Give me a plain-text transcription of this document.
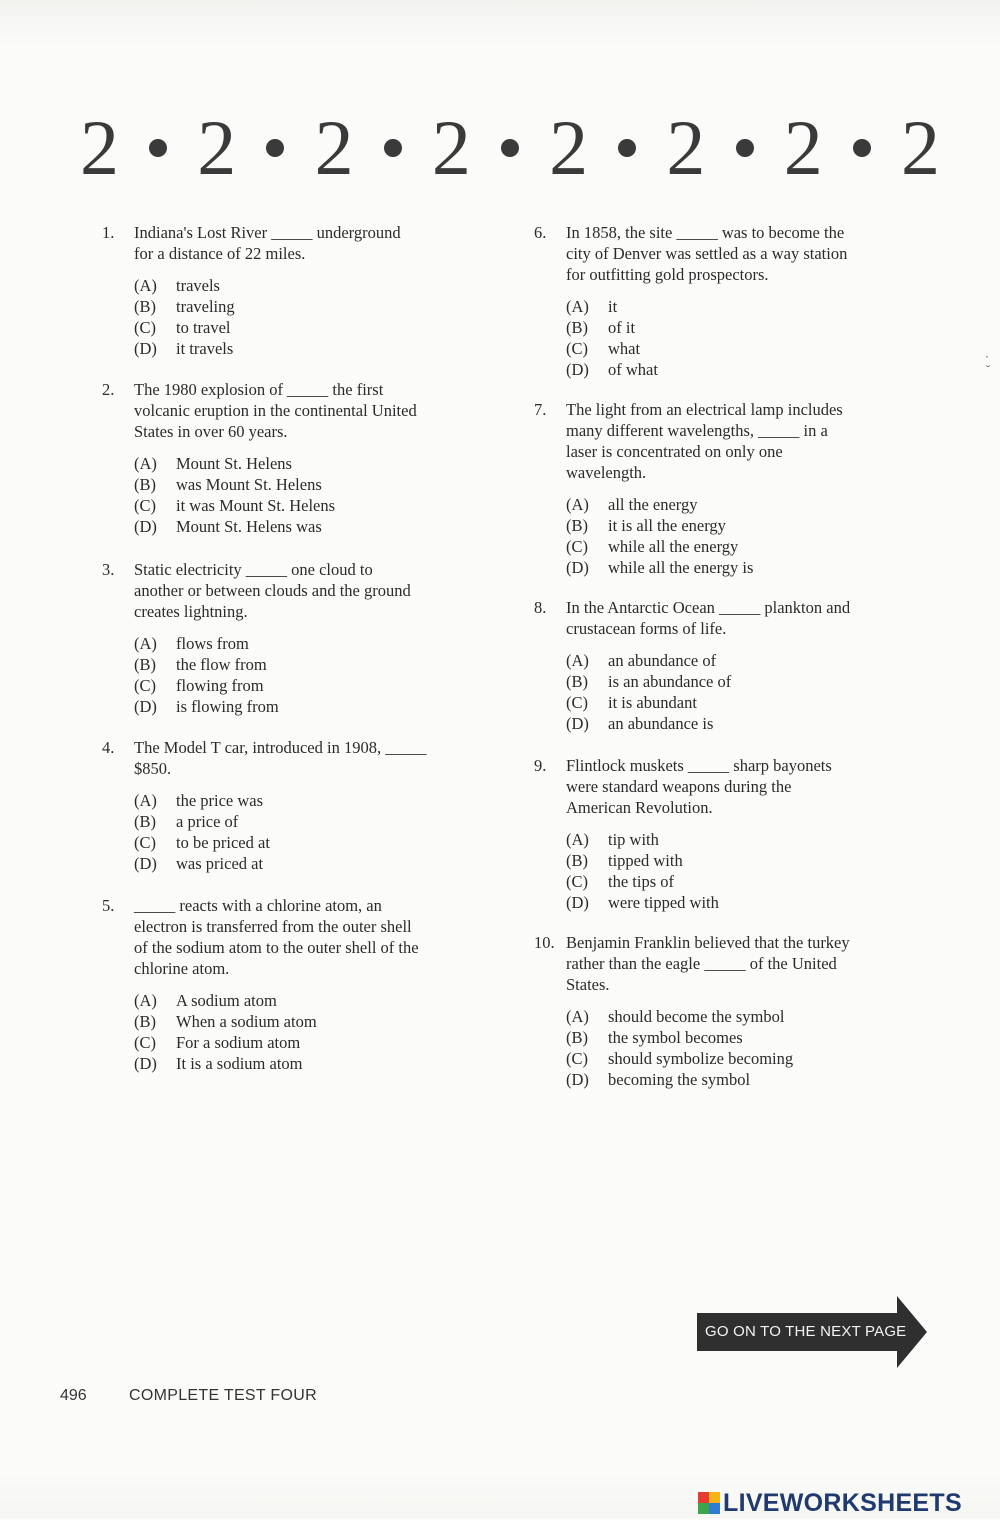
2 2 2 2 2 2 2 2
1.	Indiana's Lost River _____ underground
for a distance of 22 miles.
(A)	travels
(B)	traveling
(C)	to travel
(D)	it travels
2.	The 1980 explosion of _____ the first
volcanic eruption in the continental United
States in over 60 years.
(A)	Mount St. Helens
(B)	was Mount St. Helens
(C)	it was Mount St. Helens
(D)	Mount St. Helens was
3.	Static electricity _____ one cloud to
another or between clouds and the ground
creates lightning.
(A)	flows from
(B)	the flow from
(C)	flowing from
(D)	is flowing from
4.	The Model T car, introduced in 1908, _____
$850.
(A)	the price was
(B)	a price of
(C)	to be priced at
(D)	was priced at
5.	_____ reacts with a chlorine atom, an
electron is transferred from the outer shell
of the sodium atom to the outer shell of the
chlorine atom.
(A)	A sodium atom
(B)	When a sodium atom
(C)	For a sodium atom
(D)	It is a sodium atom
6.	In 1858, the site _____ was to become the
city of Denver was settled as a way station
for outfitting gold prospectors.
(A)	it
(B)	of it
(C)	what
(D)	of what
7.	The light from an electrical lamp includes
many different wavelengths, _____ in a
laser is concentrated on only one
wavelength.
(A)	all the energy
(B)	it is all the energy
(C)	while all the energy
(D)	while all the energy is
8.	In the Antarctic Ocean _____ plankton and
crustacean forms of life.
(A)	an abundance of
(B)	is an abundance of
(C)	it is abundant
(D)	an abundance is
9.	Flintlock muskets _____ sharp bayonets
were standard weapons during the
American Revolution.
(A)	tip with
(B)	tipped with
(C)	the tips of
(D)	were tipped with
10. Benjamin Franklin believed that the turkey
rather than the eagle _____ of the United
States.
(A)	should become the symbol
(B)	the symbol becomes
(C)	should symbolize becoming
(D)	becoming the symbol
·
˘
GO ON TO THE NEXT PAGE
496	COMPLETE TEST FOUR
LIVEWORKSHEETS
